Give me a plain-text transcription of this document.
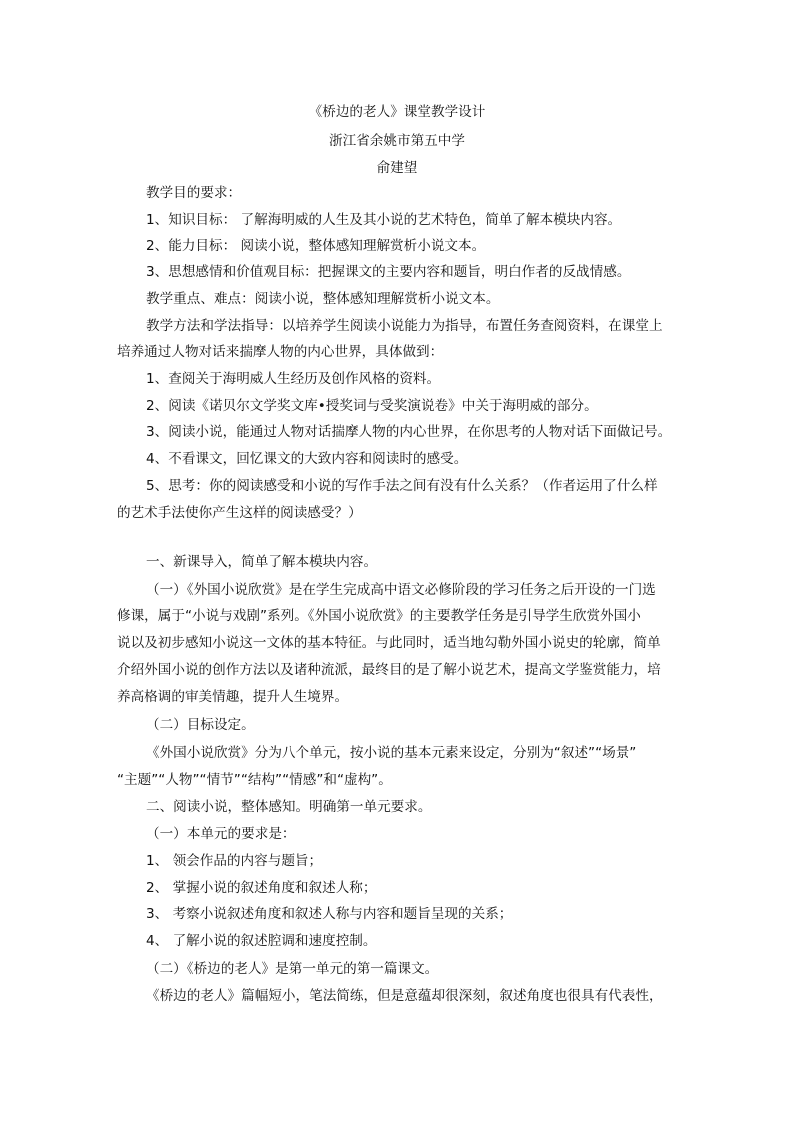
《桥边的老人》课堂教学设计
浙江省余姚市第五中学
俞建望
教学目的要求：
1、知识目标： 了解海明威的人生及其小说的艺术特色，简单了解本模块内容。
2、能力目标： 阅读小说，整体感知理解赏析小说文本。
3、思想感情和价值观目标：把握课文的主要内容和题旨，明白作者的反战情感。
教学重点、难点：阅读小说，整体感知理解赏析小说文本。
教学方法和学法指导：以培养学生阅读小说能力为指导，布置任务查阅资料，在课堂上
培养通过人物对话来揣摩人物的内心世界，具体做到：
1、查阅关于海明威人生经历及创作风格的资料。
2、阅读《诺贝尔文学奖文库•授奖词与受奖演说卷》中关于海明威的部分。
3、阅读小说，能通过人物对话揣摩人物的内心世界，在你思考的人物对话下面做记号。
4、不看课文，回忆课文的大致内容和阅读时的感受。
5、思考：你的阅读感受和小说的写作手法之间有没有什么关系？（作者运用了什么样
的艺术手法使你产生这样的阅读感受？）
一、新课导入，简单了解本模块内容。
（一）《外国小说欣赏》是在学生完成高中语文必修阶段的学习任务之后开设的一门选
修课，属于“小说与戏剧”系列。《外国小说欣赏》的主要教学任务是引导学生欣赏外国小
说以及初步感知小说这一文体的基本特征。与此同时，适当地勾勒外国小说史的轮廓，简单
介绍外国小说的创作方法以及诸种流派，最终目的是了解小说艺术，提高文学鉴赏能力，培
养高格调的审美情趣，提升人生境界。
（二）目标设定。
《外国小说欣赏》分为八个单元，按小说的基本元素来设定，分别为“叙述”“场景”
“主题”“人物”“情节”“结构”“情感”和“虚构”。
二、阅读小说，整体感知。明确第一单元要求。
（一）本单元的要求是：
1、 领会作品的内容与题旨；
2、 掌握小说的叙述角度和叙述人称；
3、 考察小说叙述角度和叙述人称与内容和题旨呈现的关系；
4、 了解小说的叙述腔调和速度控制。
（二）《桥边的老人》是第一单元的第一篇课文。
《桥边的老人》篇幅短小，笔法简练，但是意蕴却很深刻，叙述角度也很具有代表性，
